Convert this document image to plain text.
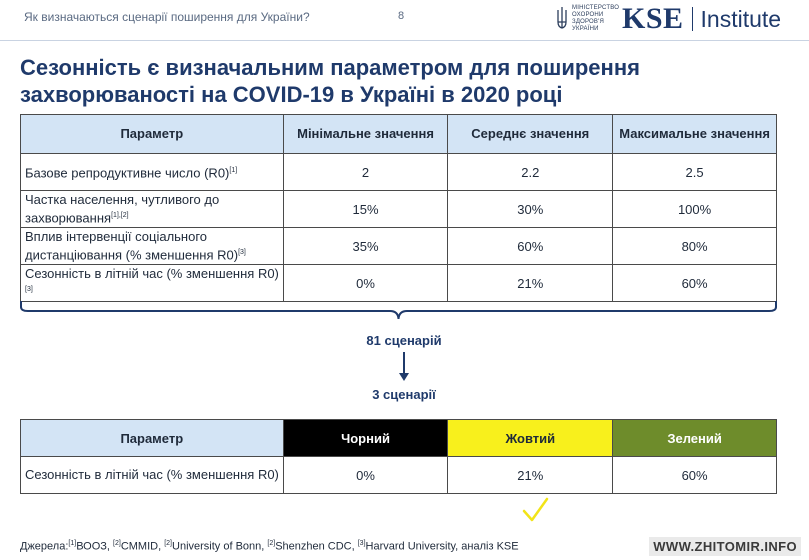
Як визначаються сценарії поширення для України?	8
МІНІСТЕРСТВО
ОХОРОНИ
ЗДОРОВ'Я
УКРАЇНИ KSE Institute
Сезонність є визначальним параметром для поширення захворюваності на COVID-19 в Україні в 2020 році
Параметр	Мінімальне значення	Середнє значення	Максимальне значення
Базове репродуктивне число (R0)[1]	2	2.2	2.5
Частка населення, чутливого до захворювання[1],[2]	15%	30%	100%
Вплив інтервенції соціального дистанціювання (% зменшення R0)[3]	35%	60%	80%
Сезонність в літній час (% зменшення R0)[3]	0%	21%	60%
81 сценарій
3 сценарії
Параметр	Чорний	Жовтий	Зелений
Сезонність в літній час (% зменшення R0)	0%	21%	60%
Джерела:[1]ВООЗ, [2]CMMID, [2]University of Bonn, [2]Shenzhen CDC, [3]Harvard University, аналіз KSE	WWW.ZHITOMIR.INFO
